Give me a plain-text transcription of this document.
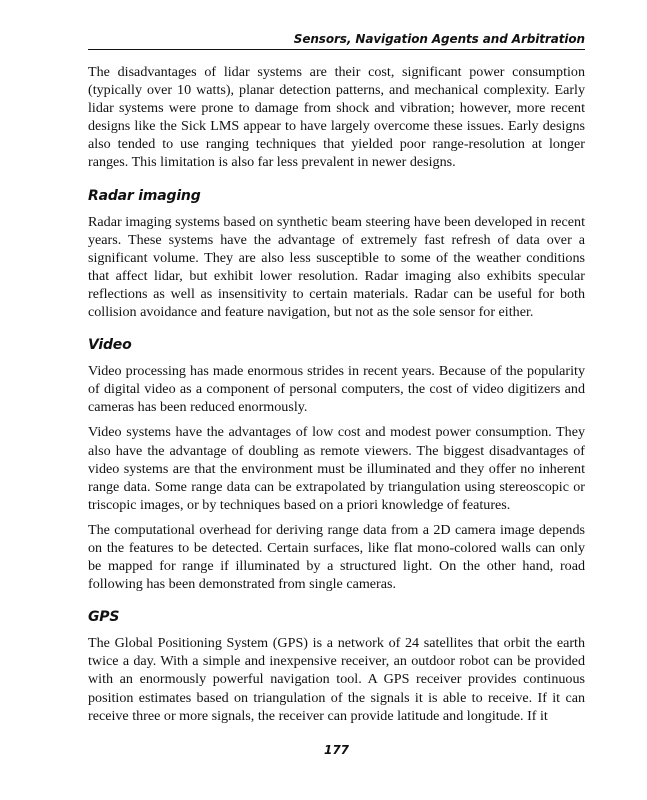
Sensors, Navigation Agents and Arbitration

The disadvantages of lidar systems are their cost, significant power consumption (typically over 10 watts), planar detection patterns, and mechanical complexity. Early lidar systems were prone to damage from shock and vibration; however, more recent designs like the Sick LMS appear to have largely overcome these issues. Early designs also tended to use ranging techniques that yielded poor range-resolution at longer ranges. This limitation is also far less prevalent in newer designs.

Radar imaging

Radar imaging systems based on synthetic beam steering have been developed in recent years. These systems have the advantage of extremely fast refresh of data over a significant volume. They are also less susceptible to some of the weather conditions that affect lidar, but exhibit lower resolution. Radar imaging also exhibits specular reflections as well as insensitivity to certain materials. Radar can be useful for both collision avoidance and feature navigation, but not as the sole sensor for either.

Video

Video processing has made enormous strides in recent years. Because of the popularity of digital video as a component of personal computers, the cost of video digitizers and cameras has been reduced enormously.

Video systems have the advantages of low cost and modest power consumption. They also have the advantage of doubling as remote viewers. The biggest disadvantages of video systems are that the environment must be illuminated and they offer no inherent range data. Some range data can be extrapolated by triangulation using stereoscopic or triscopic images, or by techniques based on a priori knowledge of features.

The computational overhead for deriving range data from a 2D camera image depends on the features to be detected. Certain surfaces, like flat mono-colored walls can only be mapped for range if illuminated by a structured light. On the other hand, road following has been demonstrated from single cameras.

GPS

The Global Positioning System (GPS) is a network of 24 satellites that orbit the earth twice a day. With a simple and inexpensive receiver, an outdoor robot can be provided with an enormously powerful navigation tool. A GPS receiver provides continuous position estimates based on triangulation of the signals it is able to receive. If it can receive three or more signals, the receiver can provide latitude and longitude. If it

177
